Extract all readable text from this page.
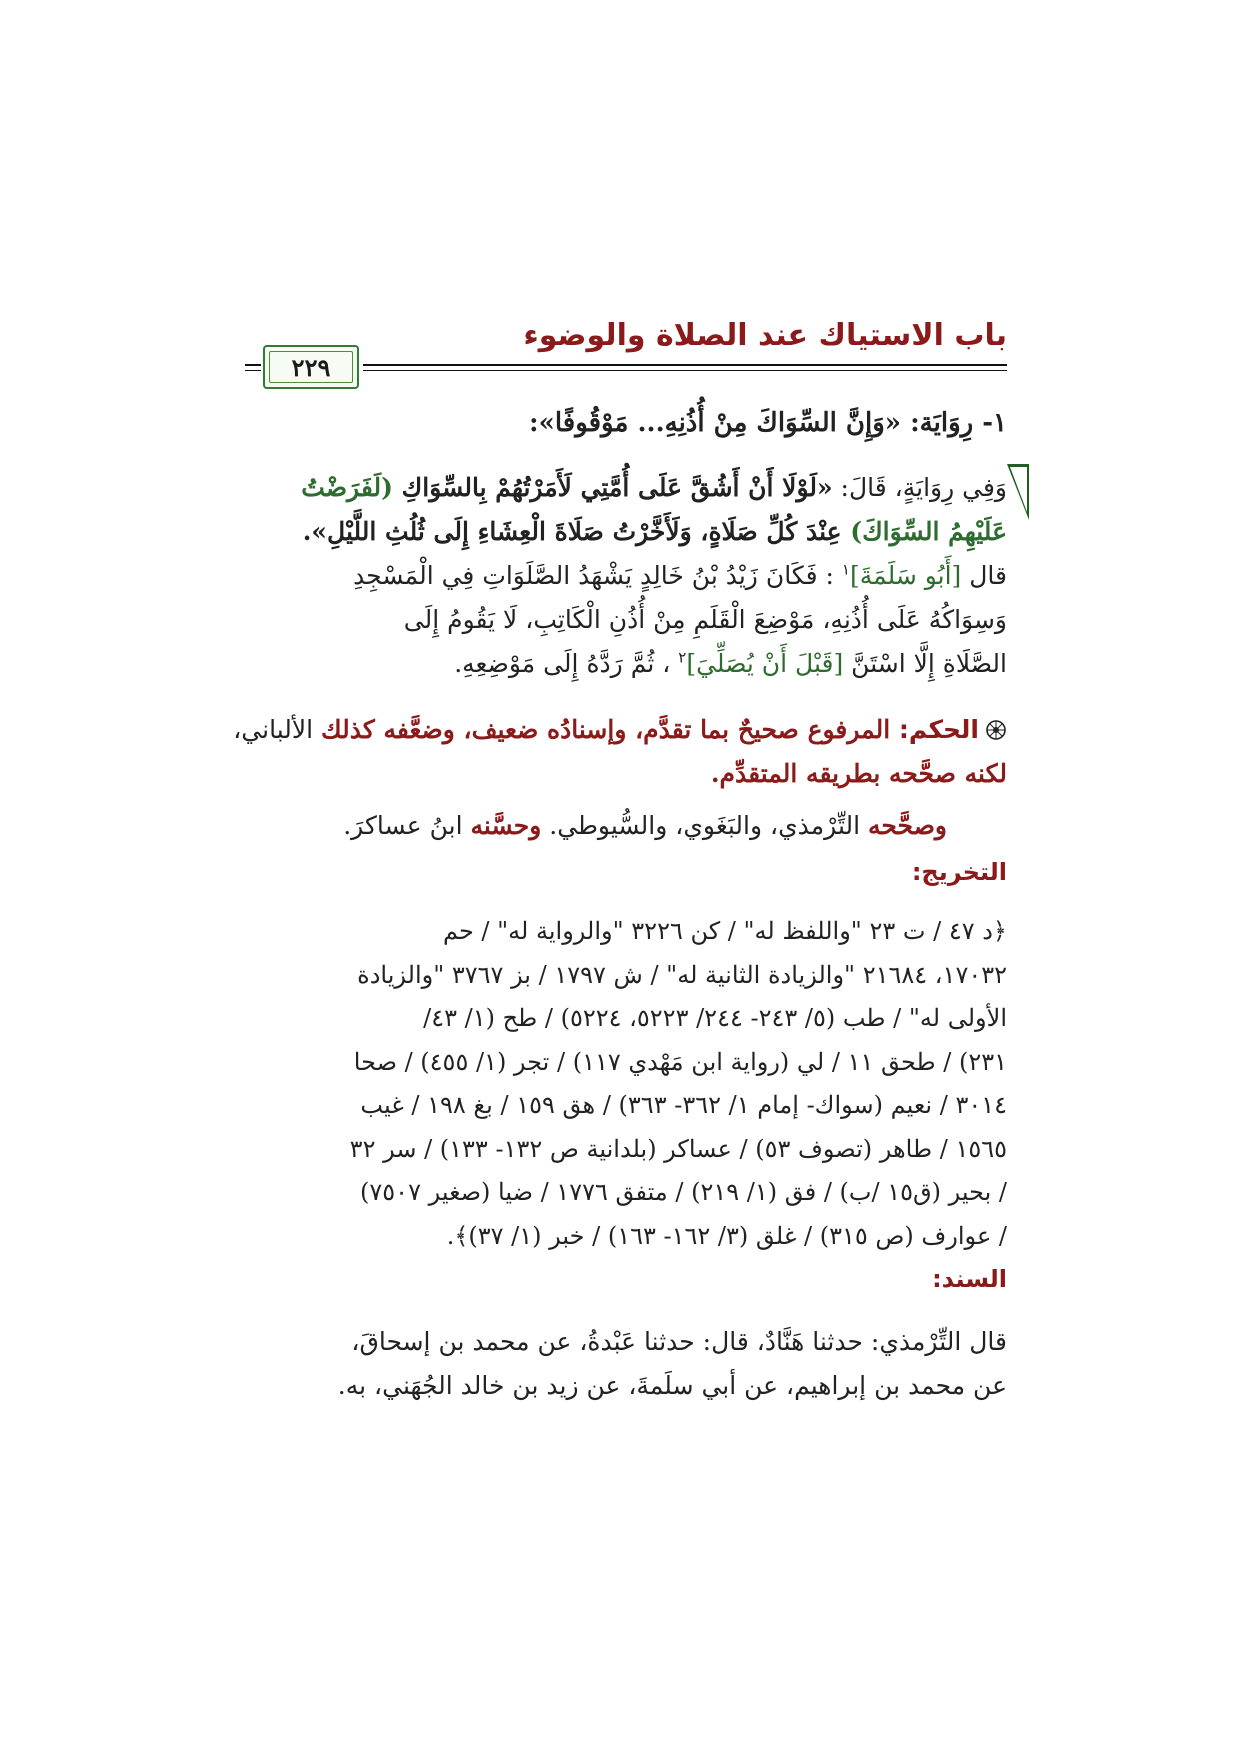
باب الاستياك عند الصلاة والوضوء
٢٢٩
١- رِوَايَة: «وَإِنَّ السِّوَاكَ مِنْ أُذُنِهِ... مَوْقُوفًا»:
وَفِي رِوَايَةٍ، قَالَ: «لَوْلَا أَنْ أَشُقَّ عَلَى أُمَّتِي لَأَمَرْتُهُمْ بِالسِّوَاكِ (لَفَرَضْتُ
عَلَيْهِمُ السِّوَاكَ) عِنْدَ كُلِّ صَلَاةٍ، وَلَأَخَّرْتُ صَلَاةَ الْعِشَاءِ إِلَى ثُلُثِ اللَّيْلِ».
قال [أَبُو سَلَمَةَ]$^١$ : فَكَانَ زَيْدُ بْنُ خَالِدٍ يَشْهَدُ الصَّلَوَاتِ فِي الْمَسْجِدِ
وَسِوَاكُهُ عَلَى أُذُنِهِ، مَوْضِعَ الْقَلَمِ مِنْ أُذُنِ الْكَاتِبِ، لَا يَقُومُ إِلَى
الصَّلَاةِ إِلَّا اسْتَنَّ [قَبْلَ أَنْ يُصَلِّيَ]$^٢$ ، ثُمَّ رَدَّهُ إِلَى مَوْضِعِهِ.
الحكم: المرفوع صحيحٌ بما تقدَّم، وإسنادُه ضعيف، وضعَّفه كذلك الألباني،
لكنه صحَّحه بطريقه المتقدِّم.
وصحَّحه التِّرْمذي، والبَغَوي، والسُّيوطي. وحسَّنه ابنُ عساكرَ.
التخريج:
﴿د ٤٧ / ت ٢٣ "واللفظ له" / كن ٣٢٢٦ "والرواية له" / حم
١٧٠٣٢، ٢١٦٨٤ "والزيادة الثانية له" / ش ١٧٩٧ / بز ٣٧٦٧ "والزيادة
الأولى له" / طب (٥/ ٢٤٣- ٢٤٤/ ٥٢٢٣، ٥٢٢٤) / طح (١/ ٤٣/
٢٣١) / طحق ١١ / لي (رواية ابن مَهْدي ١١٧) / تجر (١/ ٤٥٥) / صحا
٣٠١٤ / نعيم (سواك- إمام ١/ ٣٦٢- ٣٦٣) / هق ١٥٩ / بغ ١٩٨ / غيب
١٥٦٥ / طاهر (تصوف ٥٣) / عساكر (بلدانية ص ١٣٢- ١٣٣) / سر ٣٢
/ بحير (ق١٥ /ب) / فق (١/ ٢١٩) / متفق ١٧٧٦ / ضيا (صغير ٧٥٠٧)
/ عوارف (ص ٣١٥) / غلق (٣/ ١٦٢- ١٦٣) / خبر (١/ ٣٧)﴾.
السند:
قال التِّرْمذي: حدثنا هَنَّادٌ، قال: حدثنا عَبْدةُ، عن محمد بن إسحاقَ،
عن محمد بن إبراهيم، عن أبي سلَمةَ، عن زيد بن خالد الجُهَني، به.
